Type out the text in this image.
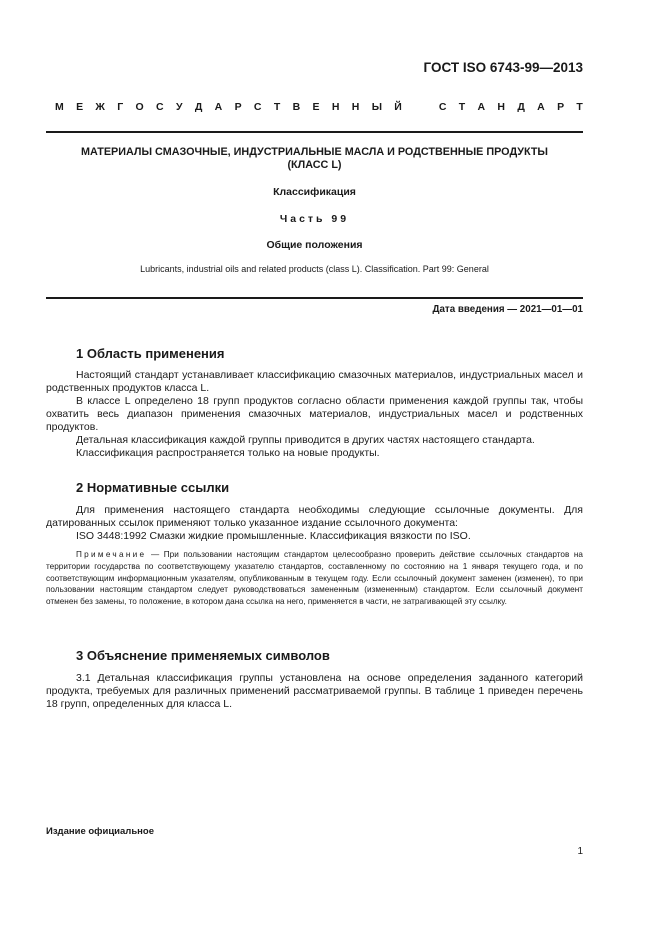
ГОСТ ISO 6743-99—2013
М Е Ж Г О С У Д А Р С Т В Е Н Н Ы Й	С Т А Н Д А Р Т
МАТЕРИАЛЫ СМАЗОЧНЫЕ, ИНДУСТРИАЛЬНЫЕ МАСЛА И РОДСТВЕННЫЕ ПРОДУКТЫ
(КЛАСС L)
Классификация
Часть 99
Общие положения
Lubricants, industrial oils and related products (class L). Classification. Part 99: General
Дата введения — 2021—01—01
1 Область применения

Настоящий стандарт устанавливает классификацию смазочных материалов, индустриальных масел и родственных продуктов класса L.

В классе L определено 18 групп продуктов согласно области применения каждой группы так, чтобы охватить весь диапазон применения смазочных материалов, индустриальных масел и родственных продуктов.

Детальная классификация каждой группы приводится в других частях настоящего стандарта.

Классификация распространяется только на новые продукты.

2 Нормативные ссылки

Для применения настоящего стандарта необходимы следующие ссылочные документы. Для датированных ссылок применяют только указанное издание ссылочного документа:

ISO 3448:1992 Смазки жидкие промышленные. Классификация вязкости по ISO.

Примечание — При пользовании настоящим стандартом целесообразно проверить действие ссылочных стандартов на территории государства по соответствующему указателю стандартов, составленному по состоянию на 1 января текущего года, и по соответствующим информационным указателям, опубликованным в текущем году. Если ссылочный документ заменен (изменен), то при пользовании настоящим стандартом следует руководствоваться замененным (измененным) стандартом. Если ссылочный документ отменен без замены, то положение, в котором дана ссылка на него, применяется в части, не затрагивающей эту ссылку.

3 Объяснение применяемых символов

3.1 Детальная классификация группы установлена на основе определения заданного категорий продукта, требуемых для различных применений рассматриваемой группы. В таблице 1 приведен перечень 18 групп, определенных для класса L.

Издание официальное
1
